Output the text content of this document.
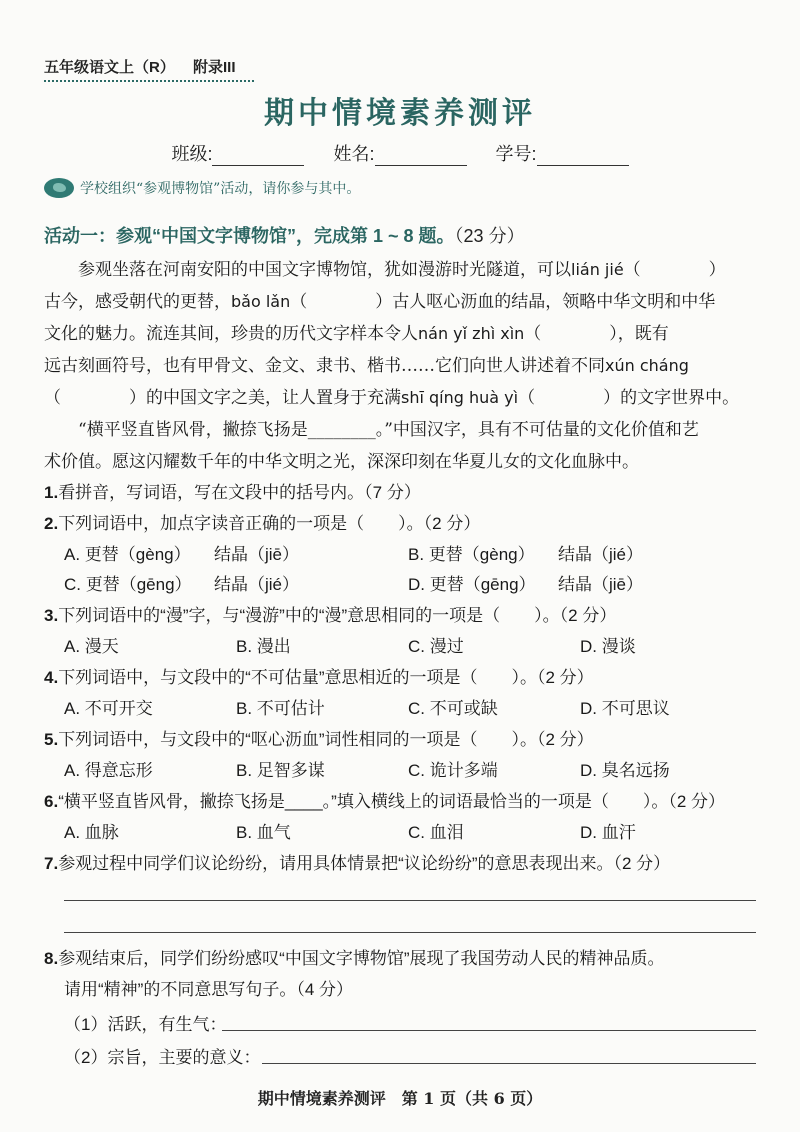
五年级语文上（R） 附录III
期中情境素养测评
班级:	姓名:	学号:
学校组织“参观博物馆”活动，请你参与其中。
活动一：参观“中国文字博物馆”，完成第 1 ~ 8 题。（23 分）

参观坐落在河南安阳的中国文字博物馆，犹如漫游时光隧道，可以lián jié（　　　　）

古今，感受朝代的更替，bǎo lǎn（　　　　）古人呕心沥血的结晶，领略中华文明和中华

文化的魅力。流连其间，珍贵的历代文字样本令人nán yǐ zhì xìn（　　　　），既有

远古刻画符号，也有甲骨文、金文、隶书、楷书……它们向世人讲述着不同xún cháng

（　　　　）的中国文字之美，让人置身于充满shī qíng huà yì（　　　　）的文字世界中。

“横平竖直皆风骨，撇捺飞扬是________。”中国汉字，具有不可估量的文化价值和艺

术价值。愿这闪耀数千年的中华文明之光，深深印刻在华夏儿女的文化血脉中。

1.看拼音，写词语，写在文段中的括号内。（7 分）
2.下列词语中，加点字读音正确的一项是（　　）。（2 分）
A. 更替（gèng）	结晶（jiē）	B. 更替（gèng）	结晶（jié）
C. 更替（gēng）	结晶（jié）	D. 更替（gēng）	结晶（jiē）
3.下列词语中的“漫”字，与“漫游”中的“漫”意思相同的一项是（　　）。（2 分）
A. 漫天	B. 漫出	C. 漫过	D. 漫谈
4.下列词语中，与文段中的“不可估量”意思相近的一项是（　　）。（2 分）
A. 不可开交	B. 不可估计	C. 不可或缺	D. 不可思议
5.下列词语中，与文段中的“呕心沥血”词性相同的一项是（　　）。（2 分）
A. 得意忘形	B. 足智多谋	C. 诡计多端	D. 臭名远扬
6.“横平竖直皆风骨，撇捺飞扬是____。”填入横线上的词语最恰当的一项是（　　）。（2 分）
A. 血脉	B. 血气	C. 血泪	D. 血汗
7.参观过程中同学们议论纷纷，请用具体情景把“议论纷纷”的意思表现出来。（2 分）
8.参观结束后，同学们纷纷感叹“中国文字博物馆”展现了我国劳动人民的精神品质。
请用“精神”的不同意思写句子。（4 分）
（1）活跃，有生气：
（2）宗旨，主要的意义：
期中情境素养测评　第 1 页（共 6 页）
